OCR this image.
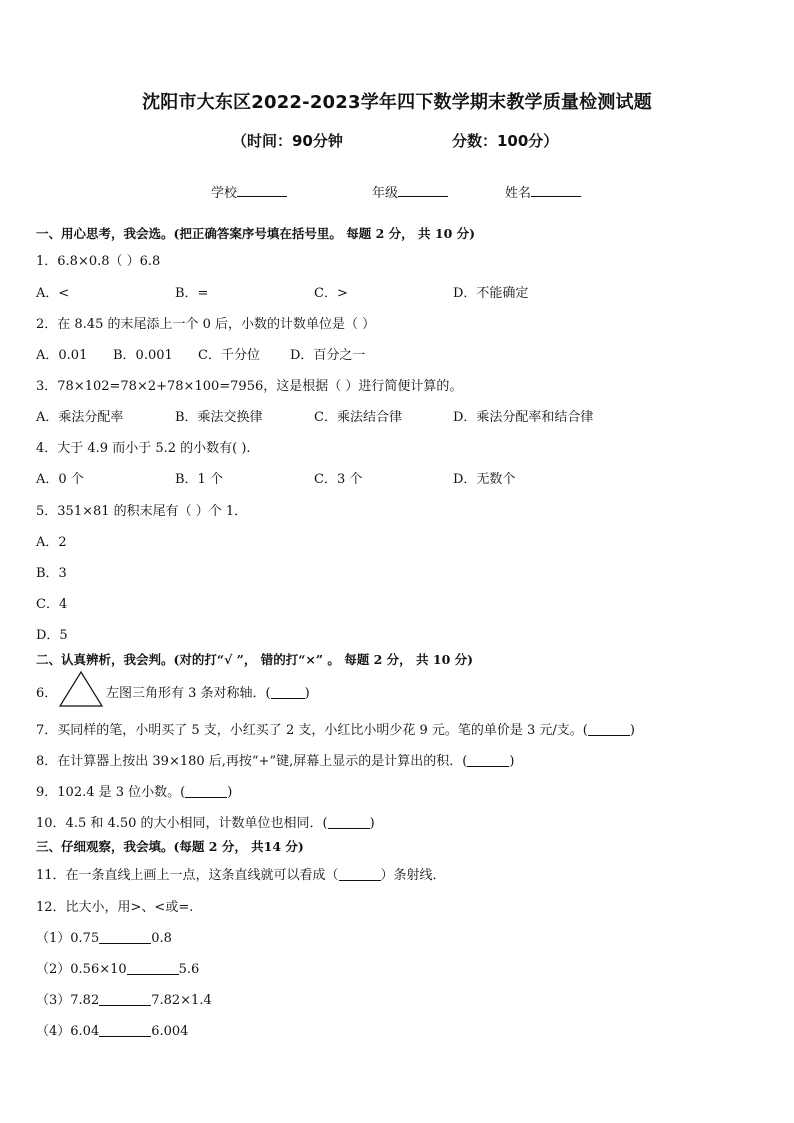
沈阳市大东区2022-2023学年四下数学期末教学质量检测试题
（时间：90分钟	分数：100分）
学校	年级	姓名
一、用心思考，我会选。(把正确答案序号填在括号里。 每题 2 分， 共 10 分)
1．6.8×0.8（ ）6.8
A．<	B．=	C．>	D．不能确定
2．在 8.45 的末尾添上一个 0 后，小数的计数单位是（ ）
A．0.01 B．0.001 C．千分位 D．百分之一
3．78×102=78×2+78×100=7956，这是根据（ ）进行简便计算的。
A．乘法分配率	B．乘法交换律	C．乘法结合律	D．乘法分配率和结合律
4．大于 4.9 而小于 5.2 的小数有( ).
A．0 个	B．1 个	C．3 个	D．无数个
5．351×81 的积末尾有（ ）个 1．
A．2
B．3
C．4
D．5
二、认真辨析，我会判。(对的打“√ ”， 错的打“×” 。 每题 2 分， 共 10 分)
6．	左图三角形有 3 条对称轴．(	)
7．买同样的笔，小明买了 5 支，小红买了 2 支，小红比小明少花 9 元。笔的单价是 3 元/支。(	)
8．在计算器上按出 39×180 后,再按“+”键,屏幕上显示的是计算出的积．(	)
9．102.4 是 3 位小数。(	)
10．4.5 和 4.50 的大小相同，计数单位也相同．(	)
三、仔细观察，我会填。(每题 2 分， 共14 分)
11．在一条直线上画上一点，这条直线就可以看成（	）条射线．
12．比大小，用>、<或=.
（1）0.75	0.8
（2）0.56×10	5.6
（3）7.82	7.82×1.4
（4）6.04	6.004
